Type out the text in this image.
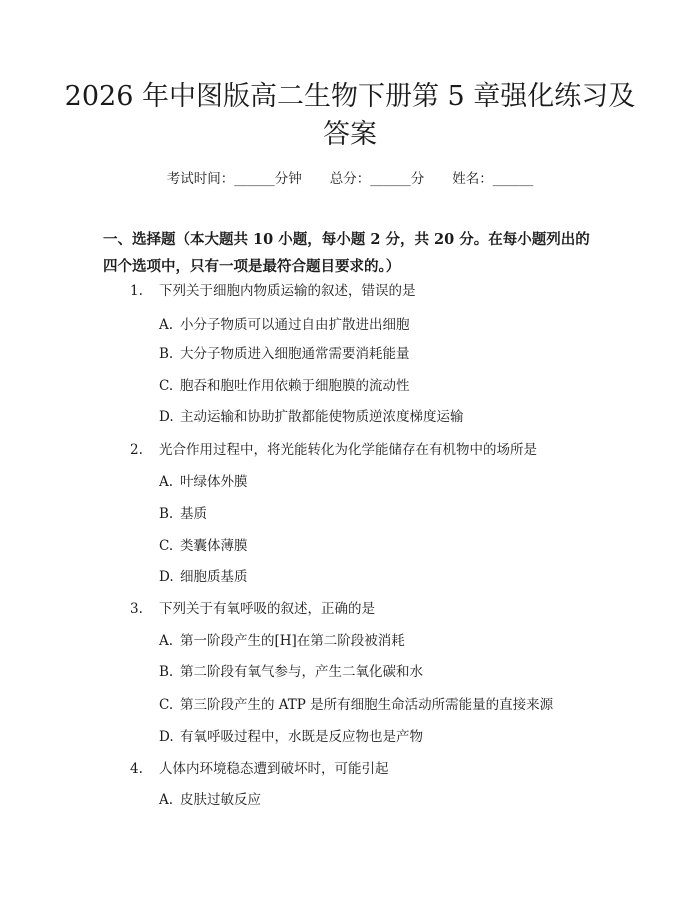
2026 年中图版高二生物下册第 5 章强化练习及答案
考试时间：______分钟 总分：______分 姓名：______

一、选择题（本大题共 10 小题，每小题 2 分，共 20 分。在每小题列出的四个选项中，只有一项是最符合题目要求的。）

1. 下列关于细胞内物质运输的叙述，错误的是
A. 小分子物质可以通过自由扩散进出细胞
B. 大分子物质进入细胞通常需要消耗能量
C. 胞吞和胞吐作用依赖于细胞膜的流动性
D. 主动运输和协助扩散都能使物质逆浓度梯度运输
2. 光合作用过程中，将光能转化为化学能储存在有机物中的场所是
A. 叶绿体外膜
B. 基质
C. 类囊体薄膜
D. 细胞质基质
3. 下列关于有氧呼吸的叙述，正确的是
A. 第一阶段产生的[H]在第二阶段被消耗
B. 第二阶段有氧气参与，产生二氧化碳和水
C. 第三阶段产生的 ATP 是所有细胞生命活动所需能量的直接来源
D. 有氧呼吸过程中，水既是反应物也是产物
4. 人体内环境稳态遭到破坏时，可能引起
A. 皮肤过敏反应
